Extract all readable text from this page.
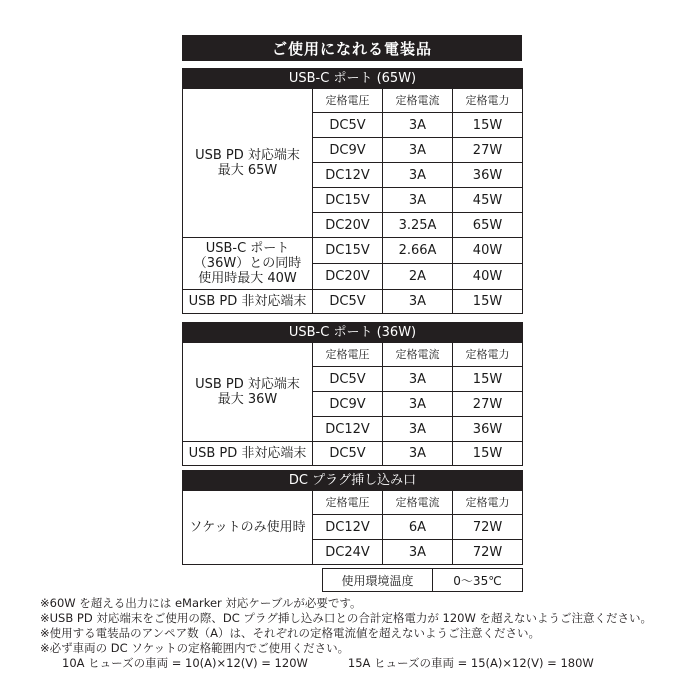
ご使用になれる電装品
USB-C ポート (65W)			
USB PD 対応端末
最大 65W	定格電圧	定格電流	定格電力
	DC5V	3A	15W
	DC9V	3A	27W
	DC12V	3A	36W
	DC15V	3A	45W
	DC20V	3.25A	65W
USB-C ポート
（36W）との同時
使用時最大 40W	DC15V	2.66A	40W
	DC20V	2A	40W
USB PD 非対応端末	DC5V	3A	15W
USB-C ポート (36W)			
USB PD 対応端末
最大 36W	定格電圧	定格電流	定格電力
	DC5V	3A	15W
	DC9V	3A	27W
	DC12V	3A	36W
USB PD 非対応端末	DC5V	3A	15W
DC プラグ挿し込み口			
ソケットのみ使用時	定格電圧	定格電流	定格電力
	DC12V	6A	72W
	DC24V	3A	72W
使用環境温度	0〜35℃
※60W を超える出力には eMarker 対応ケーブルが必要です。
※USB PD 対応端末をご使用の際、DC プラグ挿し込み口との合計定格電力が 120W を超えないようご注意ください。
※使用する電装品のアンペア数（A）は、それぞれの定格電流値を超えないようご注意ください。
※必ず車両の DC ソケットの定格範囲内でご使用ください。
10A ヒューズの車両 = 10(A)×12(V) = 120W	15A ヒューズの車両 = 15(A)×12(V) = 180W
